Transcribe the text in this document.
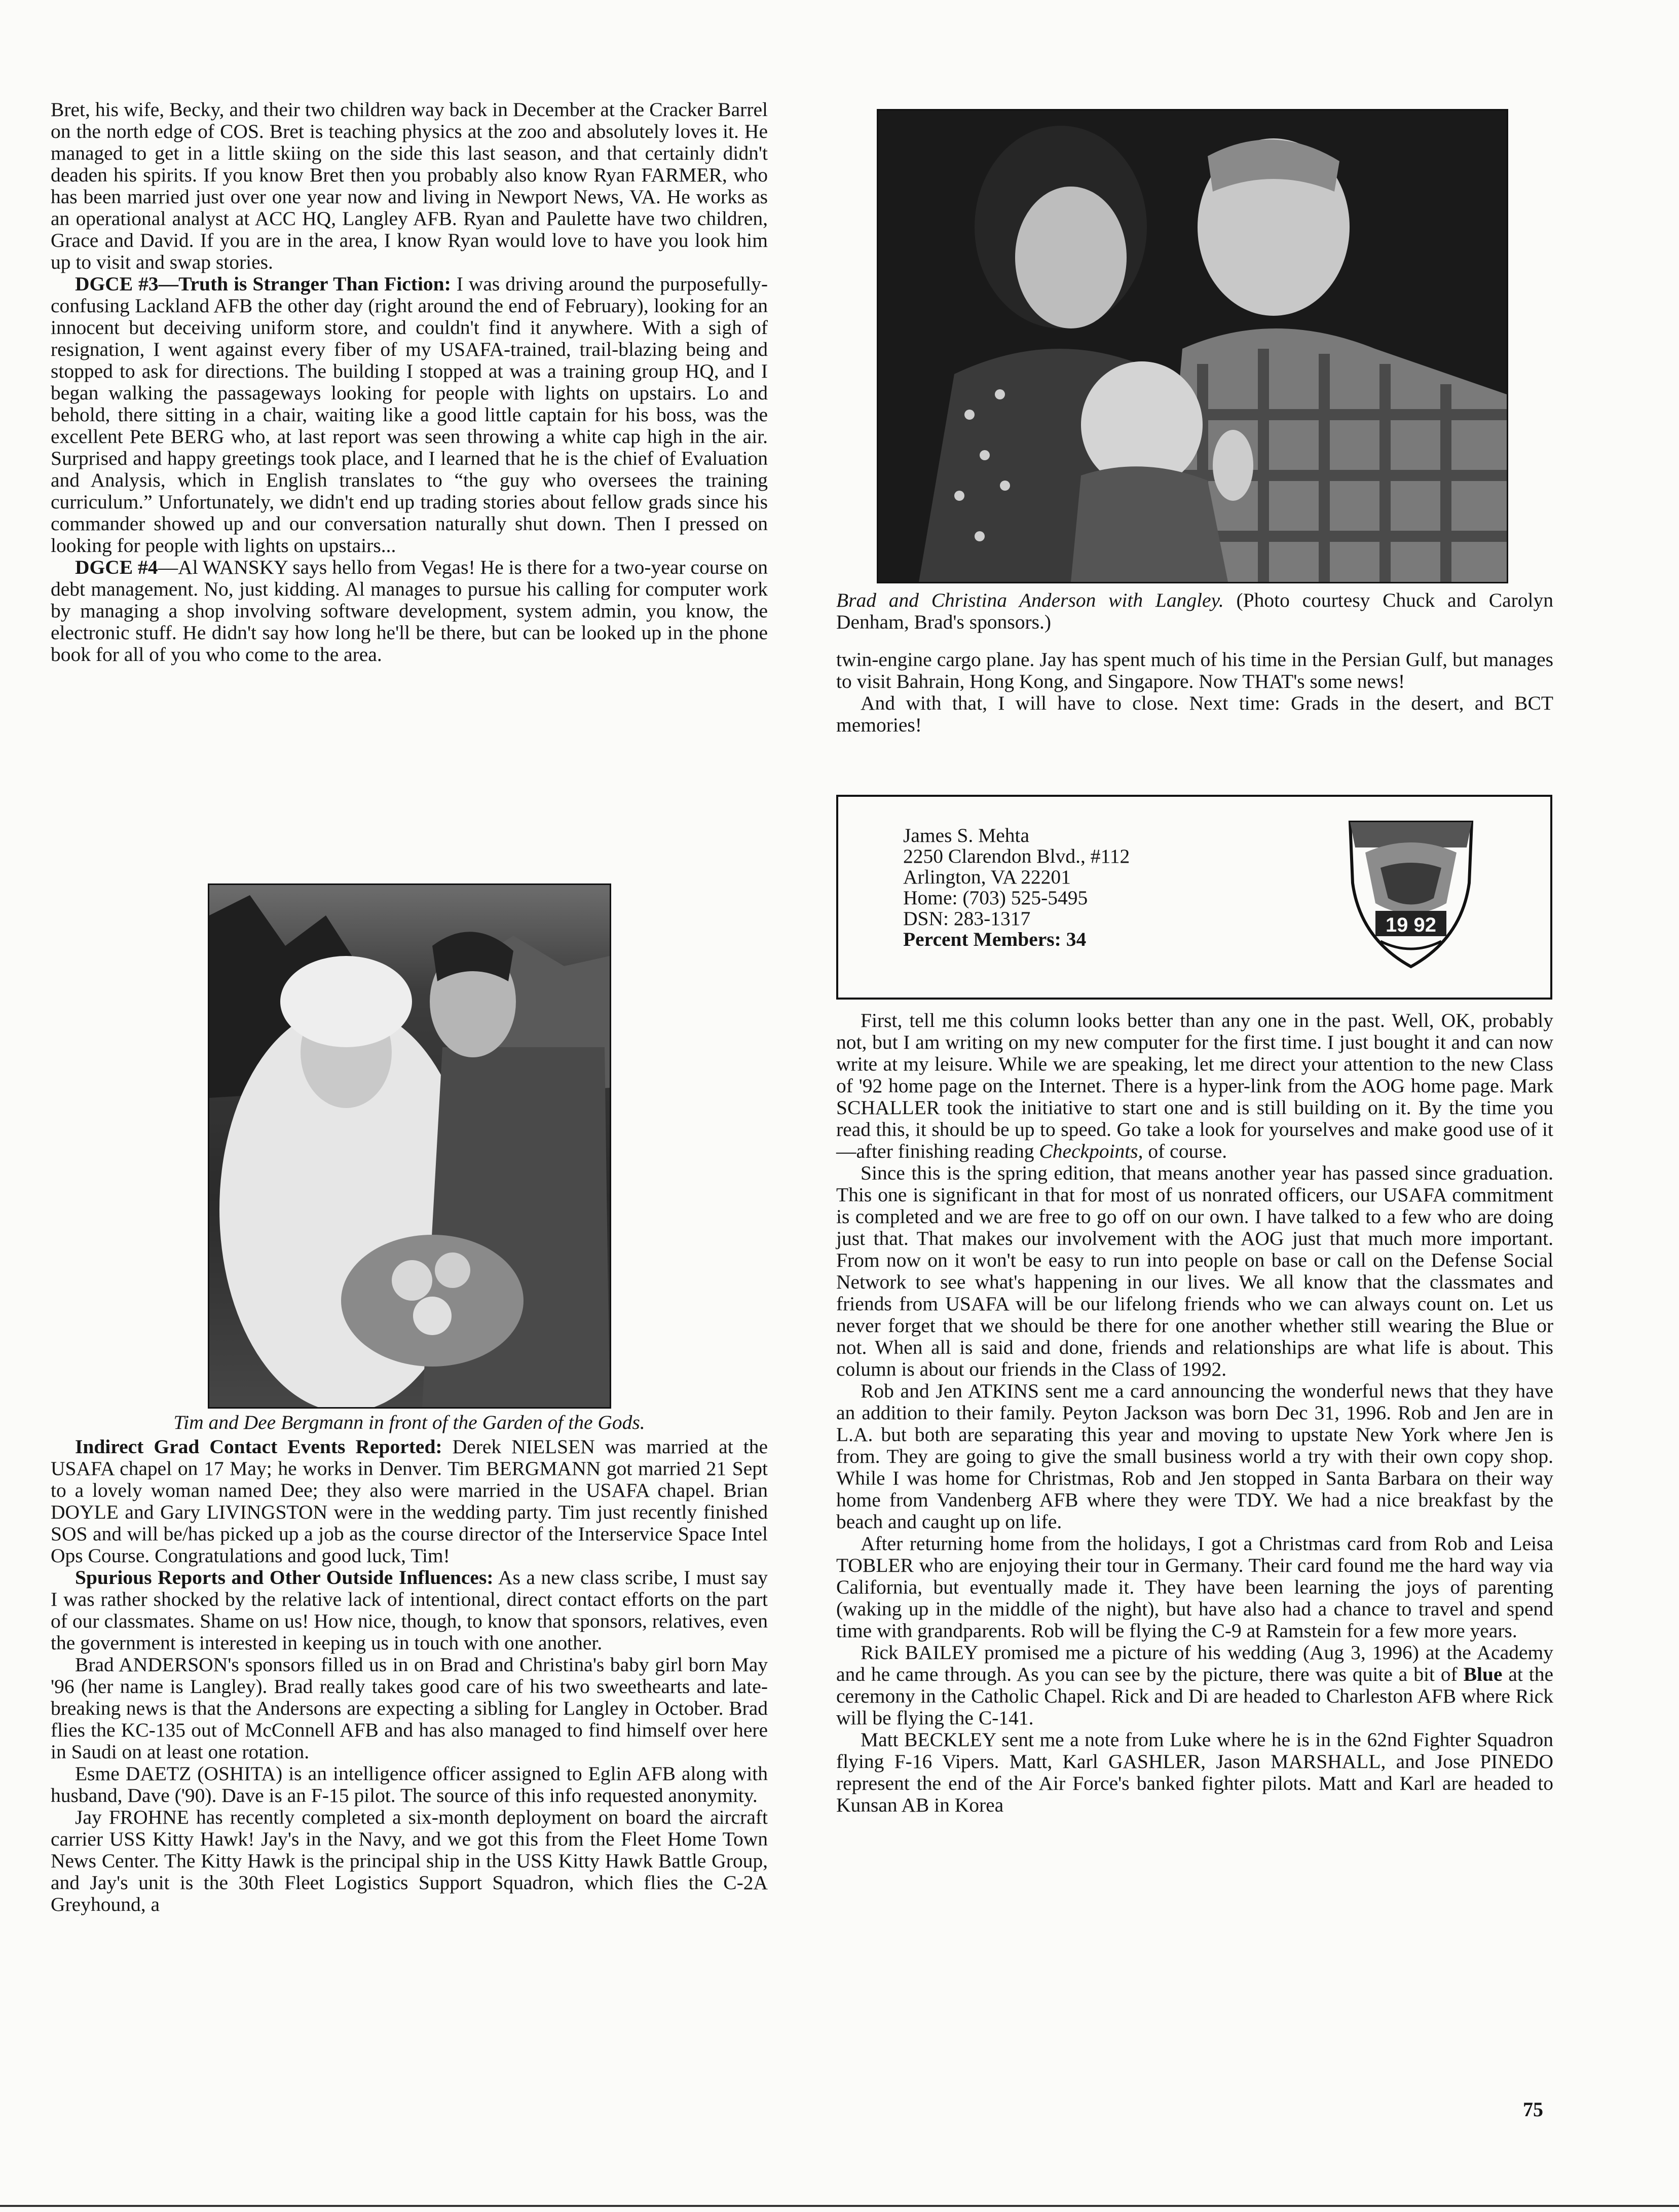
Bret, his wife, Becky, and their two children way back in December at the Cracker Barrel on the north edge of COS. Bret is teaching physics at the zoo and absolutely loves it. He managed to get in a little skiing on the side this last season, and that certainly didn't deaden his spirits. If you know Bret then you probably also know Ryan FARMER, who has been married just over one year now and living in Newport News, VA. He works as an operational analyst at ACC HQ, Langley AFB. Ryan and Paulette have two children, Grace and David. If you are in the area, I know Ryan would love to have you look him up to visit and swap stories.

DGCE #3—Truth is Stranger Than Fiction: I was driving around the purposefully-confusing Lackland AFB the other day (right around the end of February), looking for an innocent but deceiving uniform store, and couldn't find it anywhere. With a sigh of resignation, I went against every fiber of my USAFA-trained, trail-blazing being and stopped to ask for directions. The building I stopped at was a training group HQ, and I began walking the passageways looking for people with lights on upstairs. Lo and behold, there sitting in a chair, waiting like a good little captain for his boss, was the excellent Pete BERG who, at last report was seen throwing a white cap high in the air. Surprised and happy greetings took place, and I learned that he is the chief of Evaluation and Analysis, which in English translates to “the guy who oversees the training curriculum.” Unfortunately, we didn't end up trading stories about fellow grads since his commander showed up and our conversation naturally shut down. Then I pressed on looking for people with lights on upstairs...

DGCE #4—Al WANSKY says hello from Vegas! He is there for a two-year course on debt management. No, just kidding. Al manages to pursue his calling for computer work by managing a shop involving software development, system admin, you know, the electronic stuff. He didn't say how long he'll be there, but can be looked up in the phone book for all of you who come to the area.

Tim and Dee Bergmann in front of the Garden of the Gods.

Indirect Grad Contact Events Reported: Derek NIELSEN was married at the USAFA chapel on 17 May; he works in Denver. Tim BERGMANN got married 21 Sept to a lovely woman named Dee; they also were married in the USAFA chapel. Brian DOYLE and Gary LIVINGSTON were in the wedding party. Tim just recently finished SOS and will be/has picked up a job as the course director of the Interservice Space Intel Ops Course. Congratulations and good luck, Tim!

Spurious Reports and Other Outside Influences: As a new class scribe, I must say I was rather shocked by the relative lack of intentional, direct contact efforts on the part of our classmates. Shame on us! How nice, though, to know that sponsors, relatives, even the government is interested in keeping us in touch with one another.

Brad ANDERSON's sponsors filled us in on Brad and Christina's baby girl born May '96 (her name is Langley). Brad really takes good care of his two sweethearts and late-breaking news is that the Andersons are expecting a sibling for Langley in October. Brad flies the KC-135 out of McConnell AFB and has also managed to find himself over here in Saudi on at least one rotation.

Esme DAETZ (OSHITA) is an intelligence officer assigned to Eglin AFB along with husband, Dave ('90). Dave is an F-15 pilot. The source of this info requested anonymity.

Jay FROHNE has recently completed a six-month deployment on board the aircraft carrier USS Kitty Hawk! Jay's in the Navy, and we got this from the Fleet Home Town News Center. The Kitty Hawk is the principal ship in the USS Kitty Hawk Battle Group, and Jay's unit is the 30th Fleet Logistics Support Squadron, which flies the C-2A Greyhound, a

Brad and Christina Anderson with Langley. (Photo courtesy Chuck and Carolyn Denham, Brad's sponsors.)

twin-engine cargo plane. Jay has spent much of his time in the Persian Gulf, but manages to visit Bahrain, Hong Kong, and Singapore. Now THAT's some news!

And with that, I will have to close. Next time: Grads in the desert, and BCT memories!

James S. Mehta

2250 Clarendon Blvd., #112

Arlington, VA 22201

Home: (703) 525-5495

DSN: 283-1317

Percent Members: 34

19 92

First, tell me this column looks better than any one in the past. Well, OK, probably not, but I am writing on my new computer for the first time. I just bought it and can now write at my leisure. While we are speaking, let me direct your attention to the new Class of '92 home page on the Internet. There is a hyper-link from the AOG home page. Mark SCHALLER took the initiative to start one and is still building on it. By the time you read this, it should be up to speed. Go take a look for yourselves and make good use of it—after finishing reading Checkpoints, of course.

Since this is the spring edition, that means another year has passed since graduation. This one is significant in that for most of us nonrated officers, our USAFA commitment is completed and we are free to go off on our own. I have talked to a few who are doing just that. That makes our involvement with the AOG just that much more important. From now on it won't be easy to run into people on base or call on the Defense Social Network to see what's happening in our lives. We all know that the classmates and friends from USAFA will be our lifelong friends who we can always count on. Let us never forget that we should be there for one another whether still wearing the Blue or not. When all is said and done, friends and relationships are what life is about. This column is about our friends in the Class of 1992.

Rob and Jen ATKINS sent me a card announcing the wonderful news that they have an addition to their family. Peyton Jackson was born Dec 31, 1996. Rob and Jen are in L.A. but both are separating this year and moving to upstate New York where Jen is from. They are going to give the small business world a try with their own copy shop. While I was home for Christmas, Rob and Jen stopped in Santa Barbara on their way home from Vandenberg AFB where they were TDY. We had a nice breakfast by the beach and caught up on life.

After returning home from the holidays, I got a Christmas card from Rob and Leisa TOBLER who are enjoying their tour in Germany. Their card found me the hard way via California, but eventually made it. They have been learning the joys of parenting (waking up in the middle of the night), but have also had a chance to travel and spend time with grandparents. Rob will be flying the C-9 at Ramstein for a few more years.

Rick BAILEY promised me a picture of his wedding (Aug 3, 1996) at the Academy and he came through. As you can see by the picture, there was quite a bit of Blue at the ceremony in the Catholic Chapel. Rick and Di are headed to Charleston AFB where Rick will be flying the C-141.

Matt BECKLEY sent me a note from Luke where he is in the 62nd Fighter Squadron flying F-16 Vipers. Matt, Karl GASHLER, Jason MARSHALL, and Jose PINEDO represent the end of the Air Force's banked fighter pilots. Matt and Karl are headed to Kunsan AB in Korea

75
